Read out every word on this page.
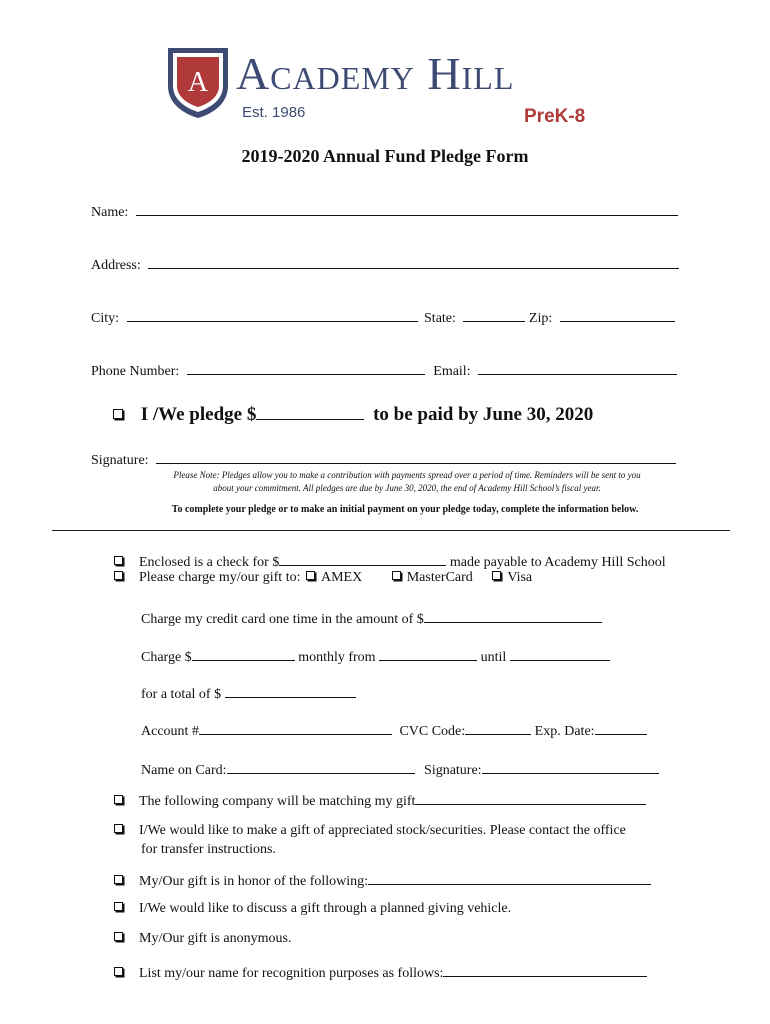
A Academy Hill
Est. 1986	PreK-8
2019-2020 Annual Fund Pledge Form
Name:
Address:
City:	State:	Zip:
Phone Number:	Email:
I /We pledge $	to be paid by June 30, 2020
Signature:
Please Note: Pledges allow you to make a contribution with payments spread over a period of time. Reminders will be sent to you
about your commitment. All pledges are due by June 30, 2020, the end of Academy Hill School’s fiscal year.
To complete your pledge or to make an initial payment on your pledge today, complete the information below.
Enclosed is a check for $	made payable to Academy Hill School
Please charge my/our gift to: AMEX	MasterCard Visa
Charge my credit card one time in the amount of $
Charge $	monthly from	until
for a total of $
Account #	CVC Code:	Exp. Date:
Name on Card:	Signature:
The following company will be matching my gift
I/We would like to make a gift of appreciated stock/securities. Please contact the office
for transfer instructions.
My/Our gift is in honor of the following:
I/We would like to discuss a gift through a planned giving vehicle.
My/Our gift is anonymous.
List my/our name for recognition purposes as follows:
